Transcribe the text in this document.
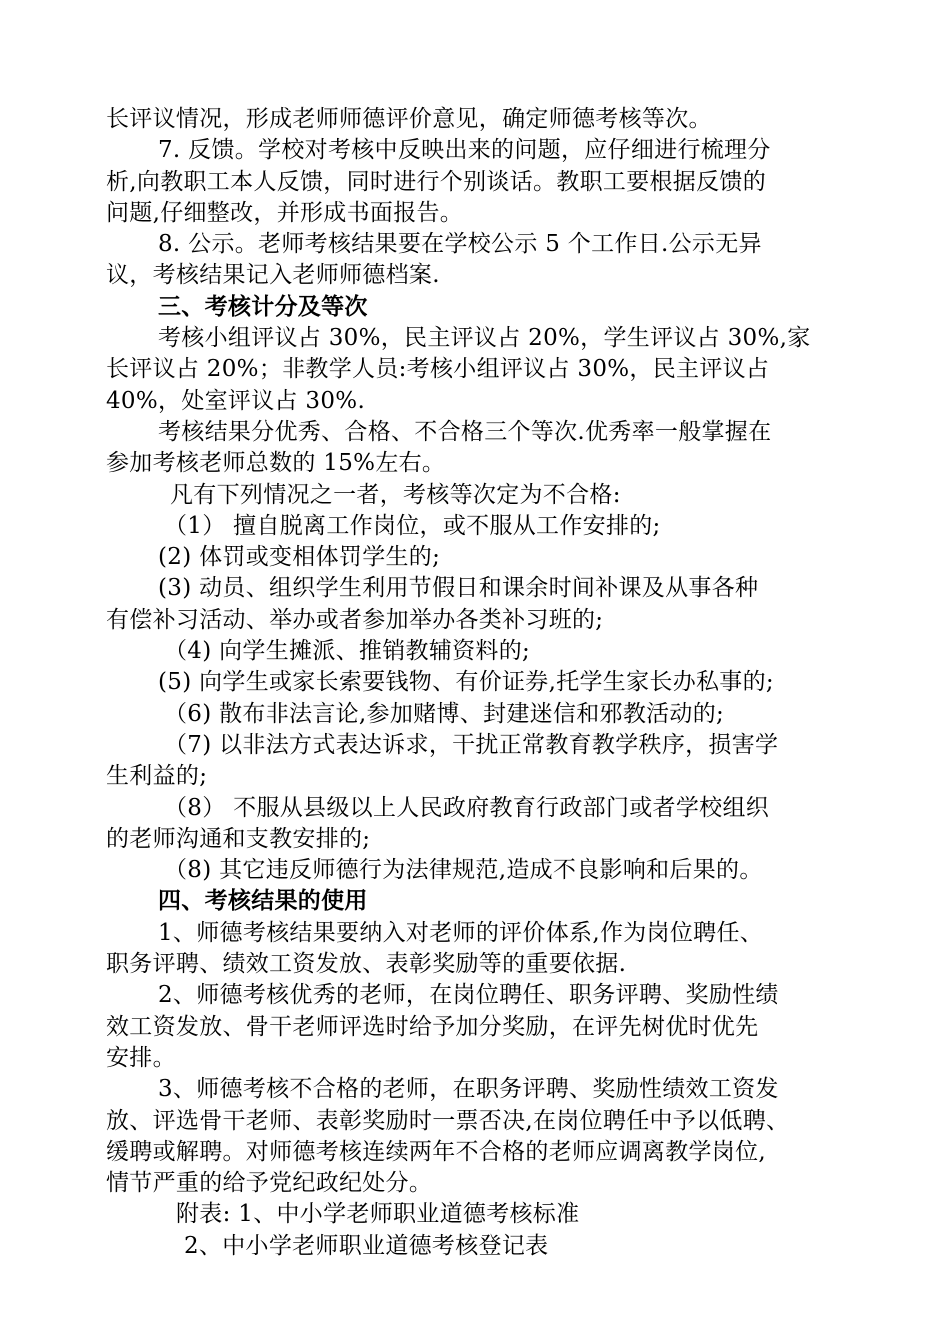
长评议情况，形成老师师德评价意见，确定师德考核等次。
7. 反馈。学校对考核中反映出来的问题，应仔细进行梳理分
析,向教职工本人反馈，同时进行个别谈话。教职工要根据反馈的
问题,仔细整改，并形成书面报告。
8. 公示。老师考核结果要在学校公示 5 个工作日.公示无异
议，考核结果记入老师师德档案.
三、考核计分及等次
考核小组评议占 30%，民主评议占 20%，学生评议占 30%,家
长评议占 20%；非教学人员:考核小组评议占 30%，民主评议占
40%，处室评议占 30%.
考核结果分优秀、合格、不合格三个等次.优秀率一般掌握在
参加考核老师总数的 15%左右。
凡有下列情况之一者，考核等次定为不合格:
（1） 擅自脱离工作岗位，或不服从工作安排的;
(2) 体罚或变相体罚学生的;
(3) 动员、组织学生利用节假日和课余时间补课及从事各种
有偿补习活动、举办或者参加举办各类补习班的;
（4) 向学生摊派、推销教辅资料的;
(5) 向学生或家长索要钱物、有价证券,托学生家长办私事的;
（6) 散布非法言论,参加赌博、封建迷信和邪教活动的;
（7) 以非法方式表达诉求，干扰正常教育教学秩序，损害学
生利益的;
（8） 不服从县级以上人民政府教育行政部门或者学校组织
的老师沟通和支教安排的;
（8) 其它违反师德行为法律规范,造成不良影响和后果的。
四、考核结果的使用
1、师德考核结果要纳入对老师的评价体系,作为岗位聘任、
职务评聘、绩效工资发放、表彰奖励等的重要依据.
2、师德考核优秀的老师，在岗位聘任、职务评聘、奖励性绩
效工资发放、骨干老师评选时给予加分奖励，在评先树优时优先
安排。
3、师德考核不合格的老师，在职务评聘、奖励性绩效工资发
放、评选骨干老师、表彰奖励时一票否决,在岗位聘任中予以低聘、
缓聘或解聘。对师德考核连续两年不合格的老师应调离教学岗位,
情节严重的给予党纪政纪处分。
附表: 1、中小学老师职业道德考核标准
2、中小学老师职业道德考核登记表
